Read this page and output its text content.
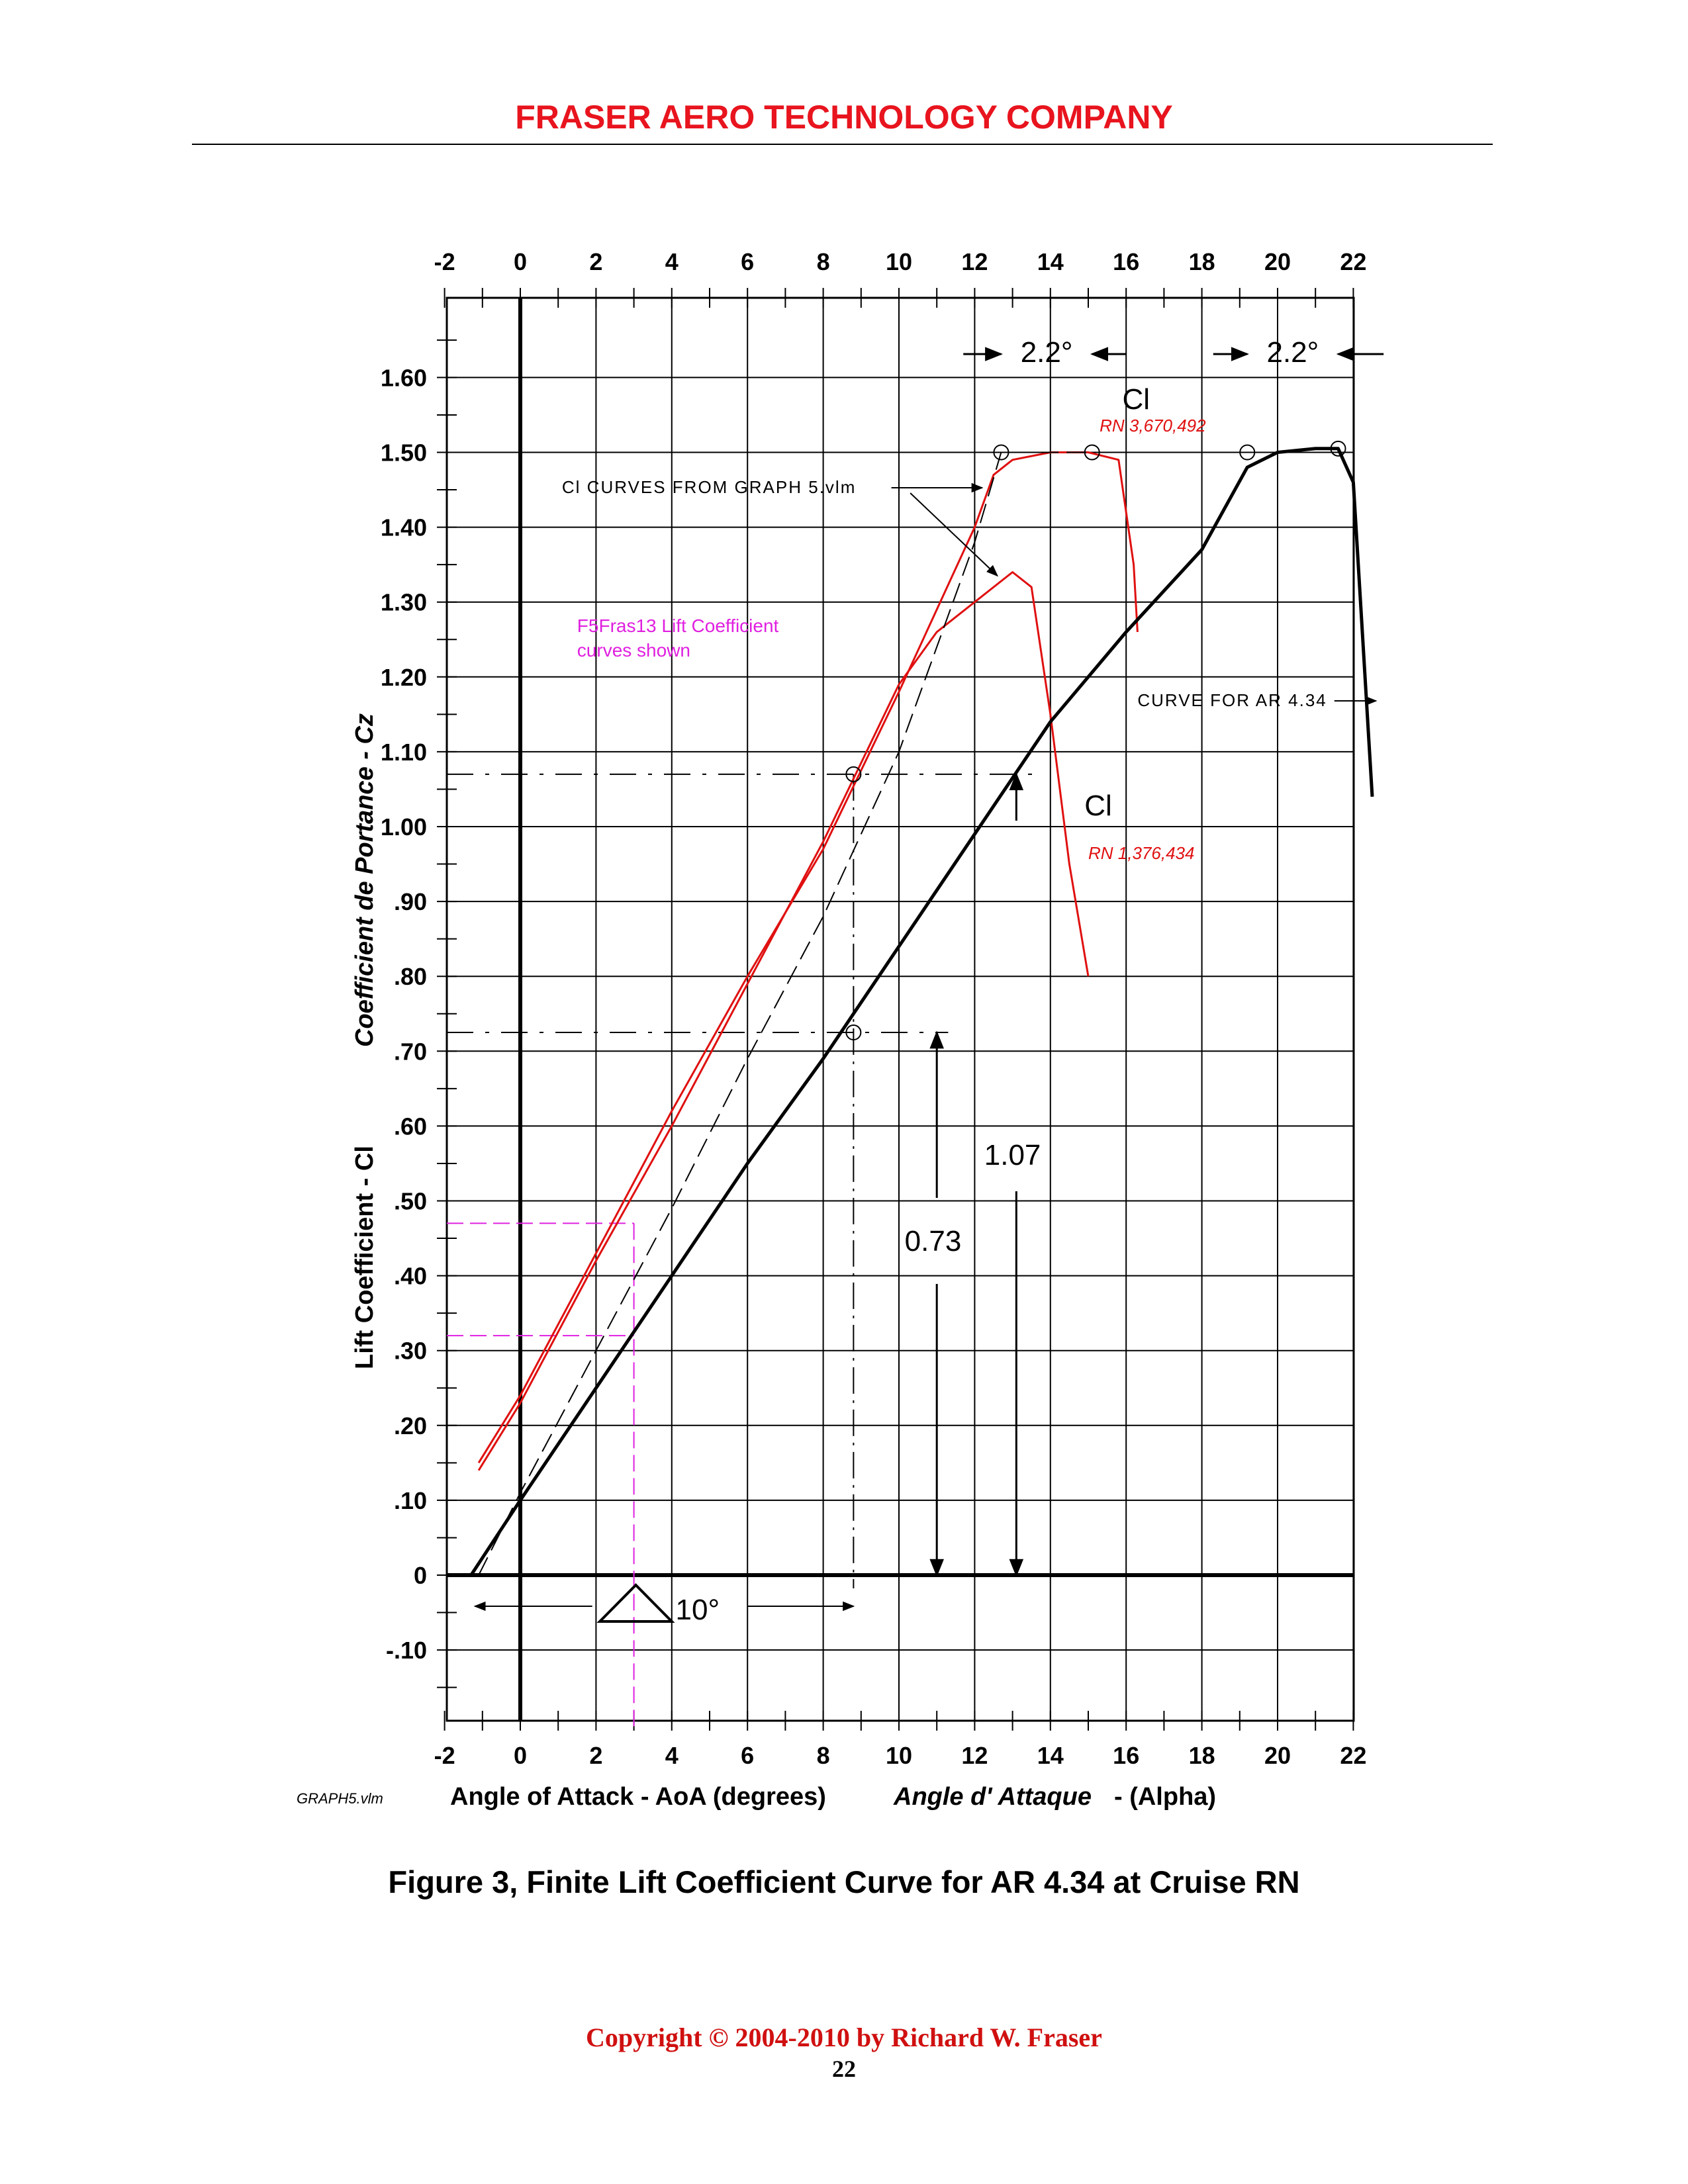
FRASER AERO TECHNOLOGY COMPANY
-2
-2
0
0
2
2
4
4
6
6
8
8
10
10
12
12
14
14
16
16
18
18
20
20
22
22
-.10
0
.10
.20
.30
.40
.50
.60
.70
.80
.90
1.00
1.10
1.20
1.30
1.40
1.50
1.60
2.2°	2.2°
Cl
RN 3,670,492
Cl
RN 1,376,434
Cl CURVES FROM GRAPH 5.vlm
CURVE FOR AR 4.34
F5Fras13 Lift Coefficient
curves shown
1.07
0.73
10°
Angle of Attack - AoA (degrees)	Angle d' Attaque - (Alpha)
Lift Coefficient - Cl
Coefficient de Portance - Cz
GRAPH5.vlm
Figure 3, Finite Lift Coefficient Curve for AR 4.34 at Cruise RN
Copyright © 2004-2010 by Richard W. Fraser
22
